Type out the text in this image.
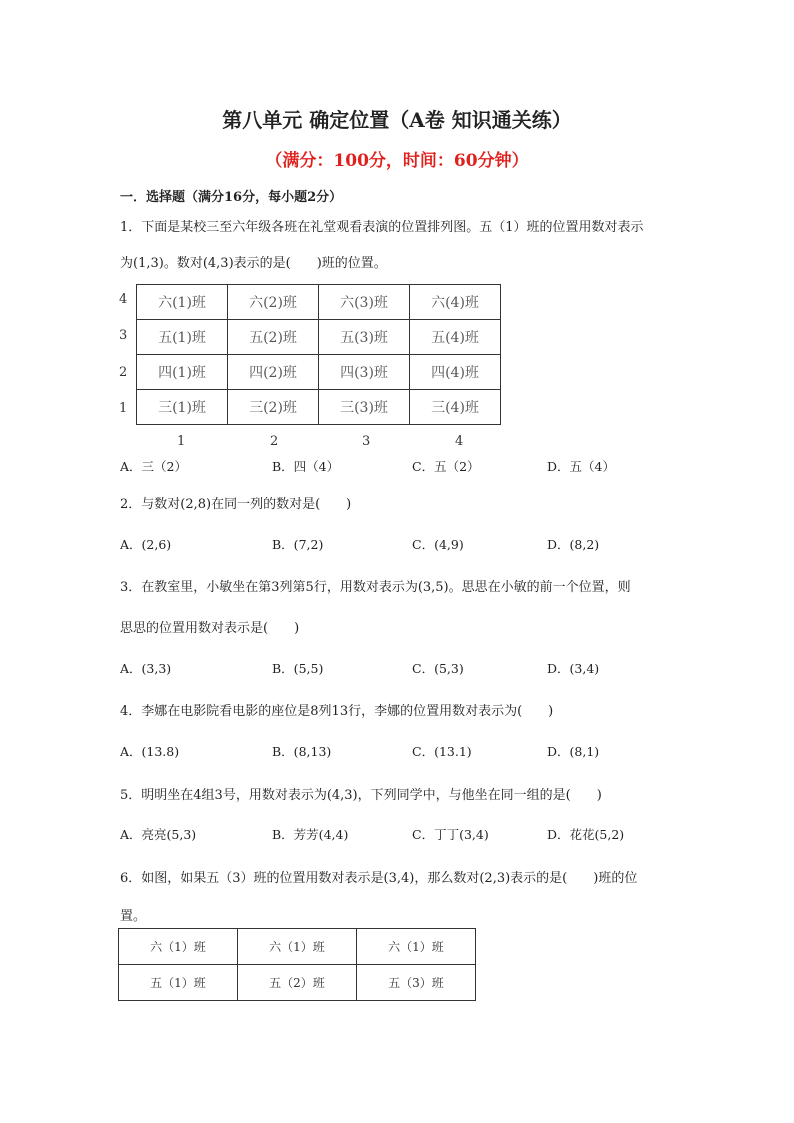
第八单元 确定位置（A卷 知识通关练）
（满分：100分，时间：60分钟）
一．选择题（满分16分，每小题2分）
1．下面是某校三至六年级各班在礼堂观看表演的位置排列图。五（1）班的位置用数对表示
为(1,3)。数对(4,3)表示的是(　　)班的位置。
4
3
2
1
六(1)班	六(2)班	六(3)班	六(4)班
五(1)班	五(2)班	五(3)班	五(4)班
四(1)班	四(2)班	四(3)班	四(4)班
三(1)班	三(2)班	三(3)班	三(4)班
1	2	3	4
A．三（2）	B．四（4）	C．五（2）	D．五（4）
2．与数对(2,8)在同一列的数对是(　　)
A．(2,6)	B．(7,2)	C．(4,9)	D．(8,2)
3．在教室里，小敏坐在第3列第5行，用数对表示为(3,5)。思思在小敏的前一个位置，则
思思的位置用数对表示是(　　)
A．(3,3)	B．(5,5)	C．(5,3)	D．(3,4)
4．李娜在电影院看电影的座位是8列13行，李娜的位置用数对表示为(　　)
A．(13.8)	B．(8,13)	C．(13.1)	D．(8,1)
5．明明坐在4组3号，用数对表示为(4,3)，下列同学中，与他坐在同一组的是(　　)
A．亮亮(5,3)	B．芳芳(4,4)	C．丁丁(3,4)	D．花花(5,2)
6．如图，如果五（3）班的位置用数对表示是(3,4)，那么数对(2,3)表示的是(　　)班的位
置。
六（1）班	六（1）班	六（1）班
五（1）班	五（2）班	五（3）班
